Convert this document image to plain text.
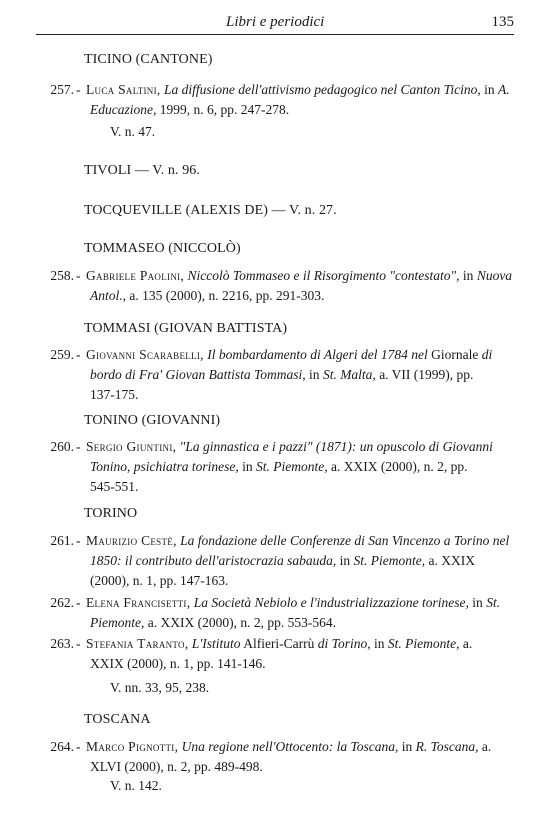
Libri e periodici	135
TICINO (CANTONE)
257. - Luca Saltini, La diffusione dell'attivismo pedagogico nel Canton Ticino, in A.
Educazione, 1999, n. 6, pp. 247-278.
V. n. 47.
TIVOLI — V. n. 96.
TOCQUEVILLE (ALEXIS DE) — V. n. 27.
TOMMASEO (NICCOLÒ)
258. - Gabriele Paolini, Niccolò Tommaseo e il Risorgimento "contestato", in Nuova
Antol., a. 135 (2000), n. 2216, pp. 291-303.
TOMMASI (GIOVAN BATTISTA)
259. - Giovanni Scarabelli, Il bombardamento di Algeri del 1784 nel Giornale di
bordo di Fra' Giovan Battista Tommasi, in St. Malta, a. VII (1999), pp.
137-175.
TONINO (GIOVANNI)
260. - Sergio Giuntini, "La ginnastica e i pazzi" (1871): un opuscolo di Giovanni
Tonino, psichiatra torinese, in St. Piemonte, a. XXIX (2000), n. 2, pp.
545-551.
TORINO
261. - Maurizio Cestè, La fondazione delle Conferenze di San Vincenzo a Torino nel
1850: il contributo dell'aristocrazia sabauda, in St. Piemonte, a. XXIX
(2000), n. 1, pp. 147-163.
262. - Elena Francisetti, La Società Nebiolo e l'industrializzazione torinese, in St.
Piemonte, a. XXIX (2000), n. 2, pp. 553-564.
263. - Stefania Taranto, L'Istituto Alfieri-Carrù di Torino, in St. Piemonte, a.
XXIX (2000), n. 1, pp. 141-146.
V. nn. 33, 95, 238.
TOSCANA
264. - Marco Pignotti, Una regione nell'Ottocento: la Toscana, in R. Toscana, a.
XLVI (2000), n. 2, pp. 489-498.
V. n. 142.
